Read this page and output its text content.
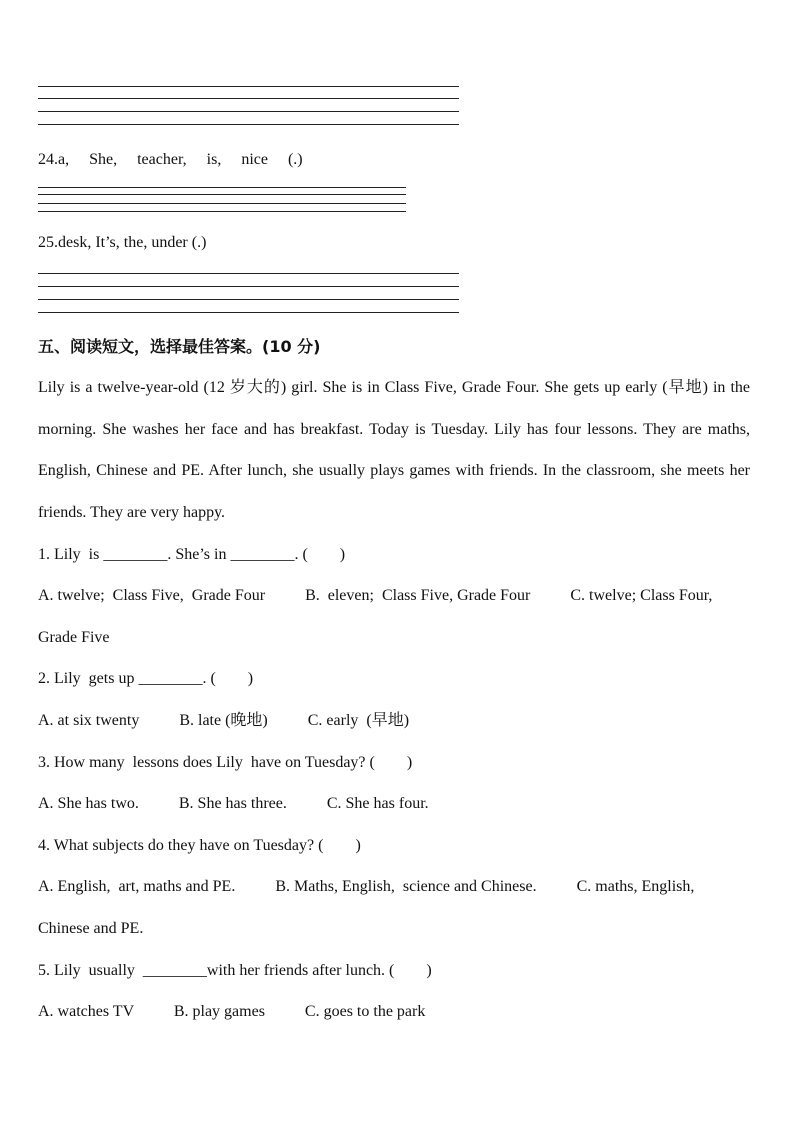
24.a,     She,     teacher,     is,     nice     (.)
25.desk, It’s, the, under (.)
五、阅读短文，选择最佳答案。(10 分)
Lily is a twelve-year-old (12 岁大的) girl. She is in Class Five, Grade Four. She gets up early (早地) in the morning. She washes her face and has breakfast. Today is Tuesday. Lily has four lessons. They are maths, English, Chinese and PE. After lunch, she usually plays games with friends. In the classroom, she meets her friends. They are very happy.
1. Lily  is ________. She’s in ________. (        )
A. twelve;  Class Five,  Grade Four          B.  eleven;  Class Five, Grade Four          C. twelve; Class Four, Grade Five
2. Lily  gets up ________. (        )
A. at six twenty          B. late (晚地)          C. early  (早地)
3. How many  lessons does Lily  have on Tuesday? (        )
A. She has two.          B. She has three.          C. She has four.
4. What subjects do they have on Tuesday? (        )
A. English,  art, maths and PE.          B. Maths, English,  science and Chinese.          C. maths, English,  Chinese and PE.
5. Lily  usually  ________with her friends after lunch. (        )
A. watches TV          B. play games          C. goes to the park
